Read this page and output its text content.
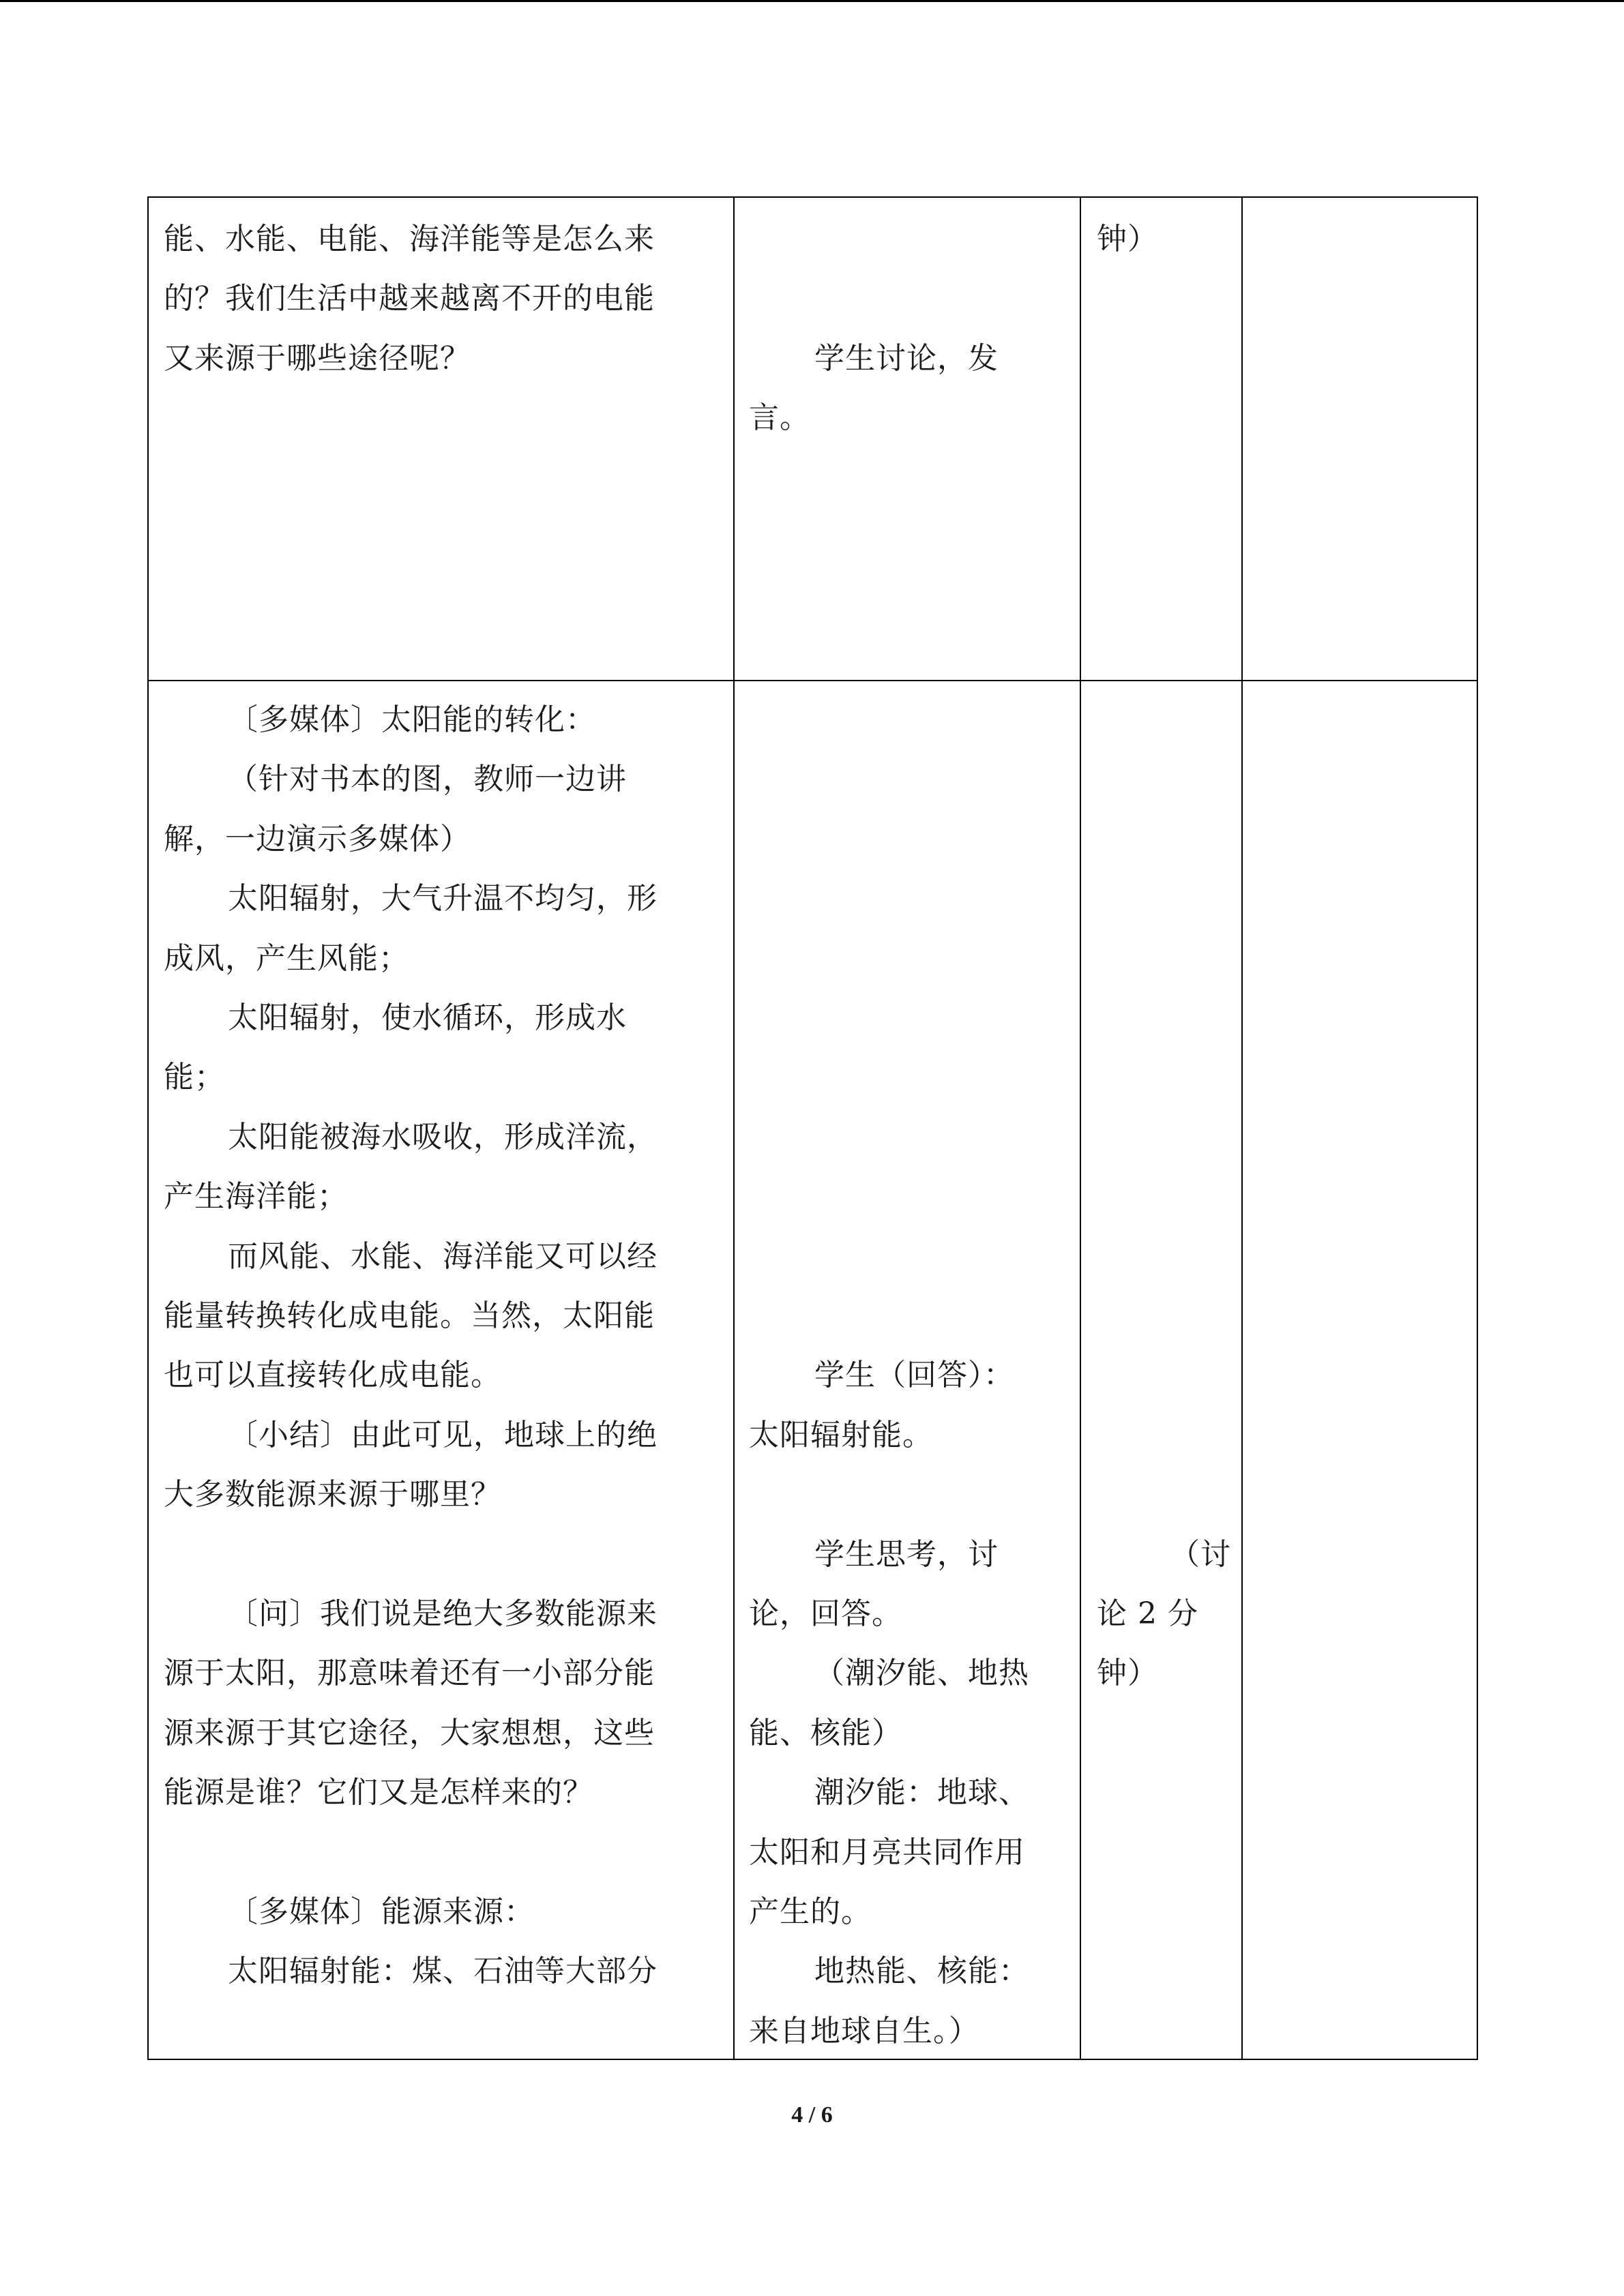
能、水能、电能、海洋能等是怎么来
的？我们生活中越来越离不开的电能
又来源于哪些途径呢？	学生讨论，发
言。
钟）
〔多媒体〕太阳能的转化：
（针对书本的图，教师一边讲
解，一边演示多媒体）
太阳辐射，大气升温不均匀，形
成风，产生风能；
太阳辐射，使水循环，形成水
能；
太阳能被海水吸收，形成洋流，
产生海洋能；
而风能、水能、海洋能又可以经
能量转换转化成电能。当然，太阳能
也可以直接转化成电能。
〔小结〕由此可见，地球上的绝
大多数能源来源于哪里？
〔问〕我们说是绝大多数能源来
源于太阳，那意味着还有一小部分能
源来源于其它途径，大家想想，这些
能源是谁？它们又是怎样来的？
〔多媒体〕能源来源：
太阳辐射能：煤、石油等大部分
学生（回答）：
太阳辐射能。
学生思考，讨
论，回答。
（潮汐能、地热
能、核能）
潮汐能：地球、
太阳和月亮共同作用
产生的。
地热能、核能：
来自地球自生。）
（讨
论 2 分
钟）
4 / 6
